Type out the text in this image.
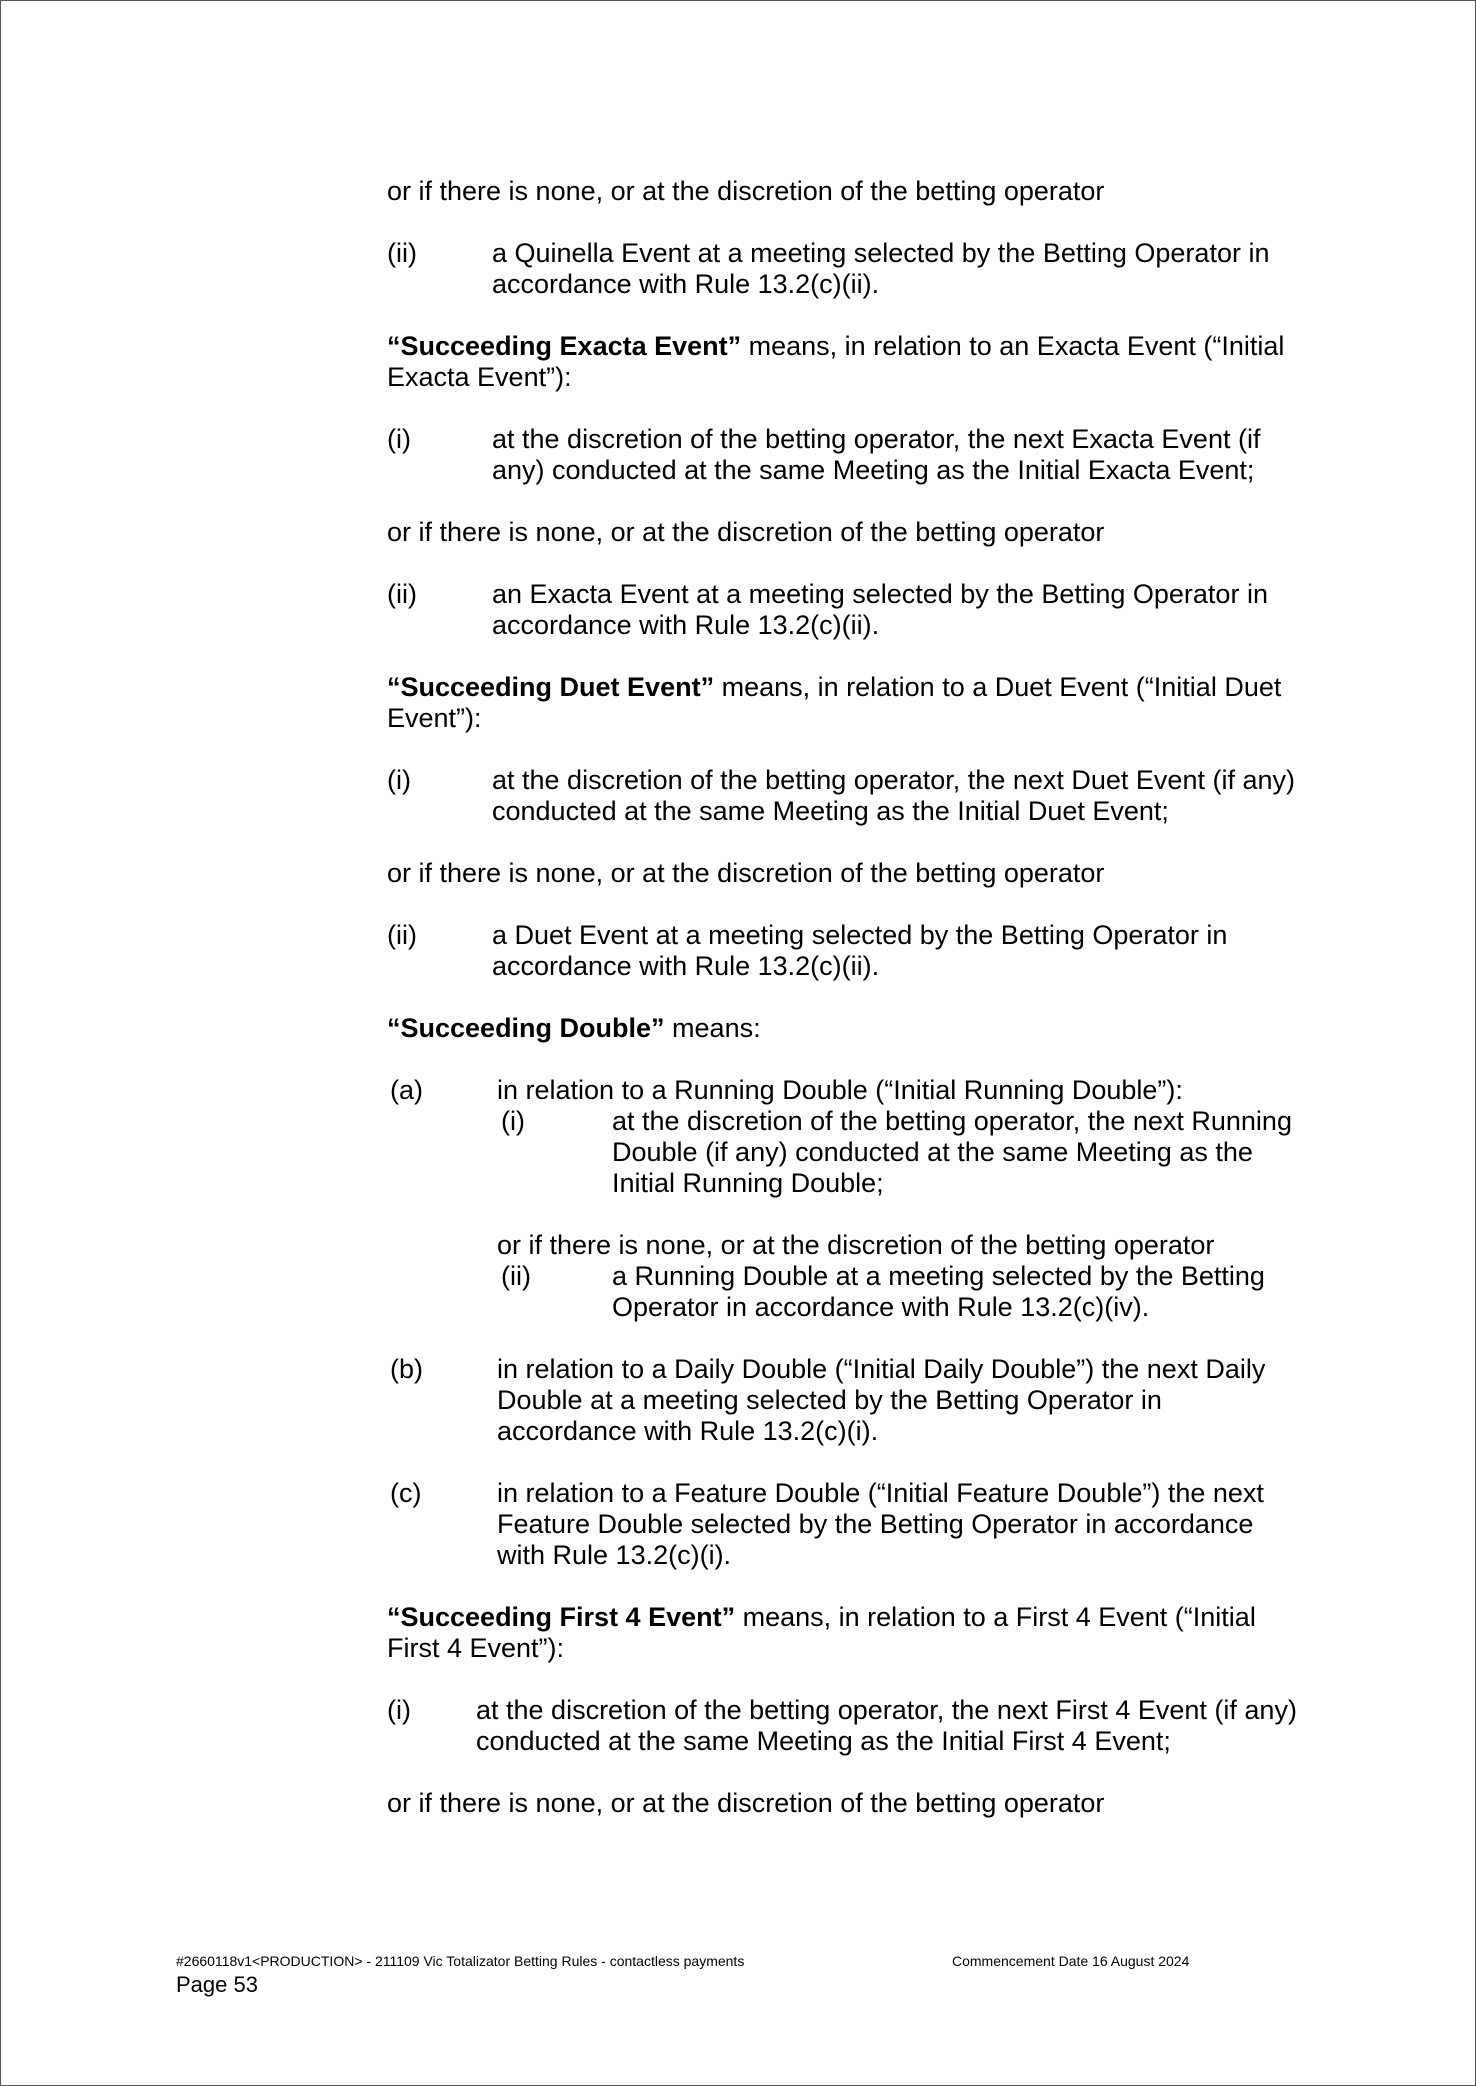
or if there is none, or at the discretion of the betting operator

(ii)	a Quinella Event at a meeting selected by the Betting Operator in accordance with Rule 13.2(c)(ii).

“Succeeding Exacta Event” means, in relation to an Exacta Event (“Initial Exacta Event”):

(i)	at the discretion of the betting operator, the next Exacta Event (if any) conducted at the same Meeting as the Initial Exacta Event;

or if there is none, or at the discretion of the betting operator

(ii)	an Exacta Event at a meeting selected by the Betting Operator in accordance with Rule 13.2(c)(ii).

“Succeeding Duet Event” means, in relation to a Duet Event (“Initial Duet Event”):

(i)	at the discretion of the betting operator, the next Duet Event (if any) conducted at the same Meeting as the Initial Duet Event;

or if there is none, or at the discretion of the betting operator

(ii)	a Duet Event at a meeting selected by the Betting Operator in accordance with Rule 13.2(c)(ii).

“Succeeding Double” means:

(a)	in relation to a Running Double (“Initial Running Double”):
(i)	at the discretion of the betting operator, the next Running Double (if any) conducted at the same Meeting as the Initial Running Double;
or if there is none, or at the discretion of the betting operator
(ii)	a Running Double at a meeting selected by the Betting Operator in accordance with Rule 13.2(c)(iv).
(b)	in relation to a Daily Double (“Initial Daily Double”) the next Daily Double at a meeting selected by the Betting Operator in accordance with Rule 13.2(c)(i).
(c)	in relation to a Feature Double (“Initial Feature Double”) the next Feature Double selected by the Betting Operator in accordance with Rule 13.2(c)(i).

“Succeeding First 4 Event” means, in relation to a First 4 Event (“Initial First 4 Event”):

(i)	at the discretion of the betting operator, the next First 4 Event (if any) conducted at the same Meeting as the Initial First 4 Event;

or if there is none, or at the discretion of the betting operator

#2660118v1<PRODUCTION> - 211109 Vic Totalizator Betting Rules - contactless payments	Commencement Date 16 August 2024
Page 53
